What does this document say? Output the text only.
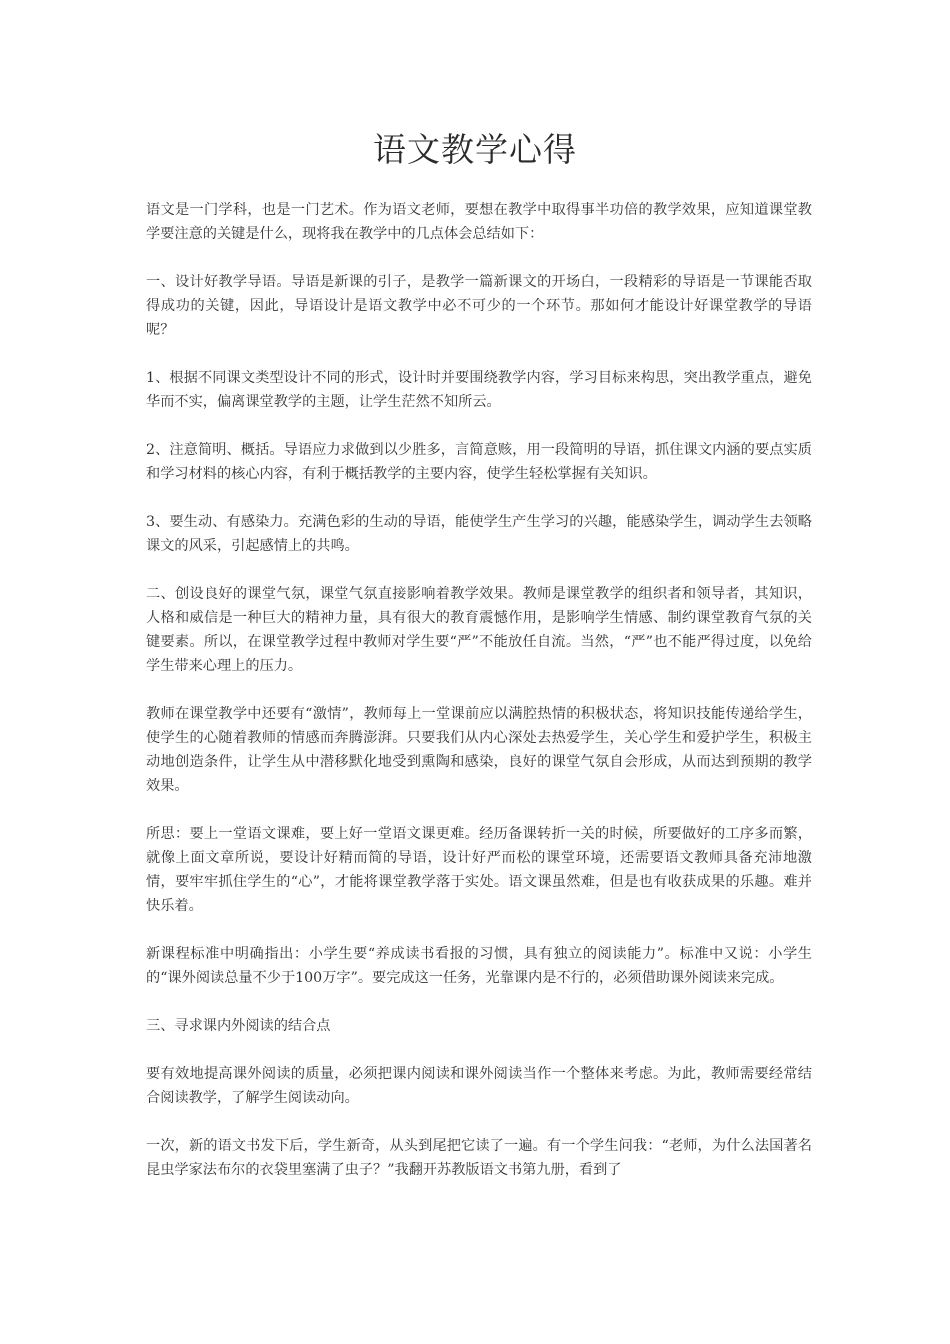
语文教学心得

语文是一门学科，也是一门艺术。作为语文老师，要想在教学中取得事半功倍的教学效果，应知道课堂教学要注意的关键是什么，现将我在教学中的几点体会总结如下：

一、设计好教学导语。导语是新课的引子，是教学一篇新课文的开场白，一段精彩的导语是一节课能否取得成功的关键，因此，导语设计是语文教学中必不可少的一个环节。那如何才能设计好课堂教学的导语呢？

1、根据不同课文类型设计不同的形式，设计时并要围绕教学内容，学习目标来构思，突出教学重点，避免华而不实，偏离课堂教学的主题，让学生茫然不知所云。

2、注意简明、概括。导语应力求做到以少胜多，言简意赅，用一段简明的导语，抓住课文内涵的要点实质和学习材料的核心内容，有利于概括教学的主要内容，使学生轻松掌握有关知识。

3、要生动、有感染力。充满色彩的生动的导语，能使学生产生学习的兴趣，能感染学生，调动学生去领略课文的风采，引起感情上的共鸣。

二、创设良好的课堂气氛，课堂气氛直接影响着教学效果。教师是课堂教学的组织者和领导者，其知识，人格和威信是一种巨大的精神力量，具有很大的教育震憾作用，是影响学生情感、制约课堂教育气氛的关键要素。所以，在课堂教学过程中教师对学生要“严”不能放任自流。当然，“严”也不能严得过度，以免给学生带来心理上的压力。

教师在课堂教学中还要有“激情”，教师每上一堂课前应以满腔热情的积极状态，将知识技能传递给学生，使学生的心随着教师的情感而奔腾澎湃。只要我们从内心深处去热爱学生，关心学生和爱护学生，积极主动地创造条件，让学生从中潜移默化地受到熏陶和感染，良好的课堂气氛自会形成，从而达到预期的教学效果。

所思：要上一堂语文课难，要上好一堂语文课更难。经历备课转折一关的时候，所要做好的工序多而繁，就像上面文章所说，要设计好精而简的导语，设计好严而松的课堂环境，还需要语文教师具备充沛地激情，要牢牢抓住学生的“心”，才能将课堂教学落于实处。语文课虽然难，但是也有收获成果的乐趣。难并快乐着。

新课程标准中明确指出：小学生要“养成读书看报的习惯，具有独立的阅读能力”。标准中又说：小学生的“课外阅读总量不少于100万字”。要完成这一任务，光靠课内是不行的，必须借助课外阅读来完成。

三、寻求课内外阅读的结合点

要有效地提高课外阅读的质量，必须把课内阅读和课外阅读当作一个整体来考虑。为此，教师需要经常结合阅读教学，了解学生阅读动向。

一次，新的语文书发下后，学生新奇，从头到尾把它读了一遍。有一个学生问我：“老师，为什么法国著名昆虫学家法布尔的衣袋里塞满了虫子？”我翻开苏教版语文书第九册，看到了
